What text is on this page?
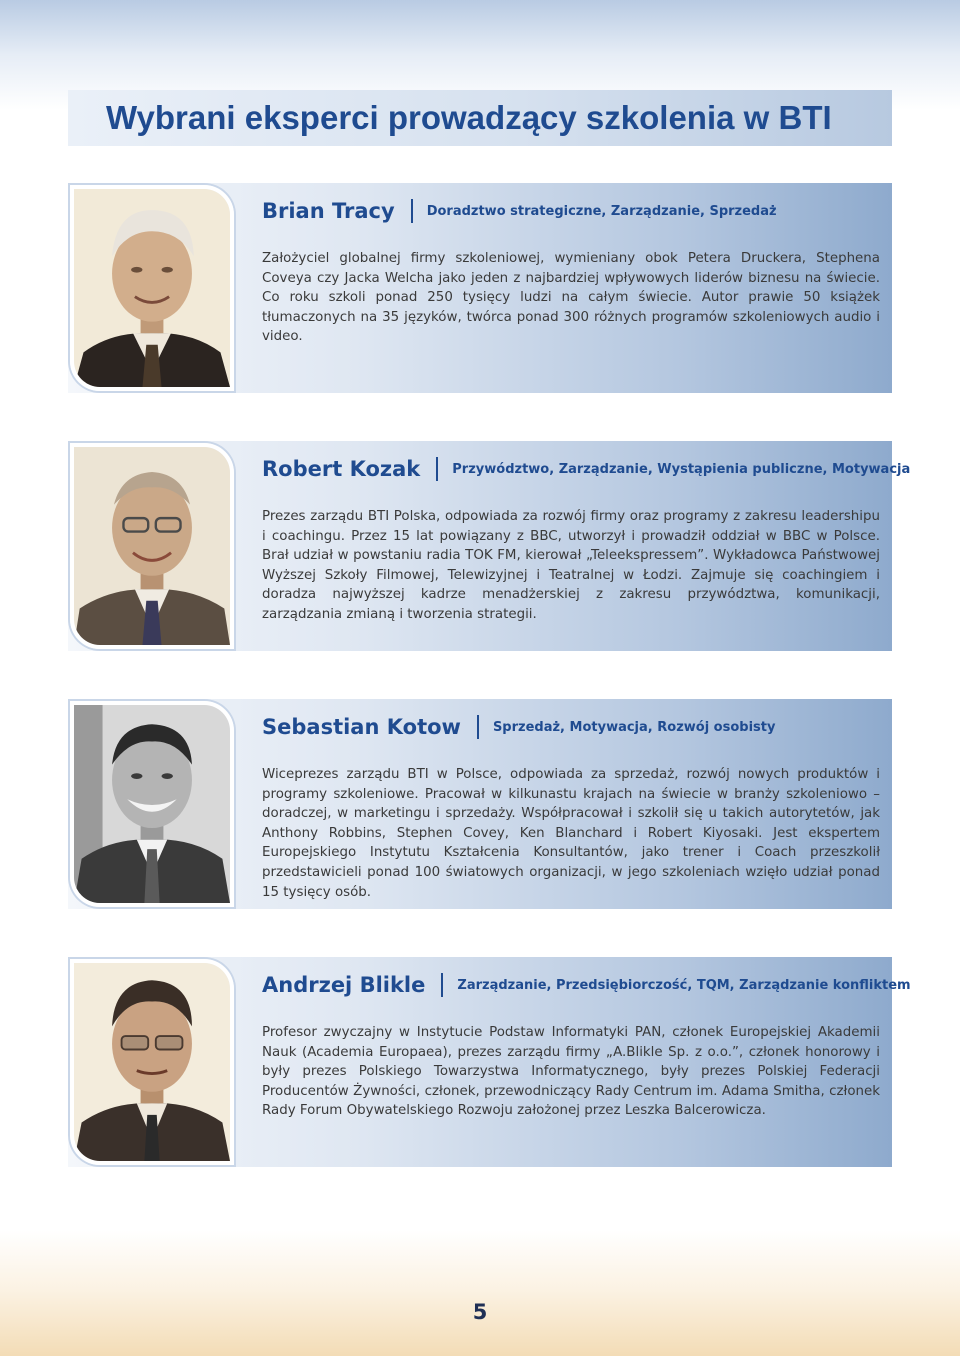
Wybrani eksperci prowadzący szkolenia w BTI
Brian Tracy Doradztwo strategiczne, Zarządzanie, Sprzedaż

Założyciel globalnej firmy szkoleniowej, wymieniany obok Petera Druckera, Stephena Coveya czy Jacka Welcha jako jeden z najbardziej wpływowych liderów biznesu na świecie. Co roku szkoli ponad 250 tysięcy ludzi na całym świecie. Autor prawie 50 książek tłumaczonych na 35 języków, twórca ponad 300 różnych programów szkoleniowych audio i video.

Robert Kozak Przywództwo, Zarządzanie, Wystąpienia publiczne, Motywacja

Prezes zarządu BTI Polska, odpowiada za rozwój firmy oraz programy z zakresu leadershipu i coachingu. Przez 15 lat powiązany z BBC, utworzył i prowadził oddział w BBC w Polsce. Brał udział w powstaniu radia TOK FM, kierował „Teleekspressem”. Wykładowca Państwowej Wyższej Szkoły Filmowej, Telewizyjnej i Teatralnej w Łodzi. Zajmuje się coachingiem i doradza najwyższej kadrze menadżerskiej z zakresu przywództwa, komunikacji, zarządzania zmianą i tworzenia strategii.

Sebastian Kotow Sprzedaż, Motywacja, Rozwój osobisty

Wiceprezes zarządu BTI w Polsce, odpowiada za sprzedaż, rozwój nowych produktów i programy szkoleniowe. Pracował w kilkunastu krajach na świecie w branży szkoleniowo – doradczej, w marketingu i sprzedaży. Współpracował i szkolił się u takich autorytetów, jak Anthony Robbins, Stephen Covey, Ken Blanchard i Robert Kiyosaki. Jest ekspertem Europejskiego Instytutu Kształcenia Konsultantów, jako trener i Coach przeszkolił przedstawicieli ponad 100 światowych organizacji, w jego szkoleniach wzięło udział ponad 15 tysięcy osób.

Andrzej Blikle Zarządzanie, Przedsiębiorczość, TQM, Zarządzanie konfliktem

Profesor zwyczajny w Instytucie Podstaw Informatyki PAN, członek Europejskiej Akademii Nauk (Academia Europaea), prezes zarządu firmy „A.Blikle Sp. z o.o.”, członek honorowy i były prezes Polskiego Towarzystwa Informatycznego, były prezes Polskiej Federacji Producentów Żywności, członek, przewodniczący Rady Centrum im. Adama Smitha, członek Rady Forum Obywatelskiego Rozwoju założonej przez Leszka Balcerowicza.

5
